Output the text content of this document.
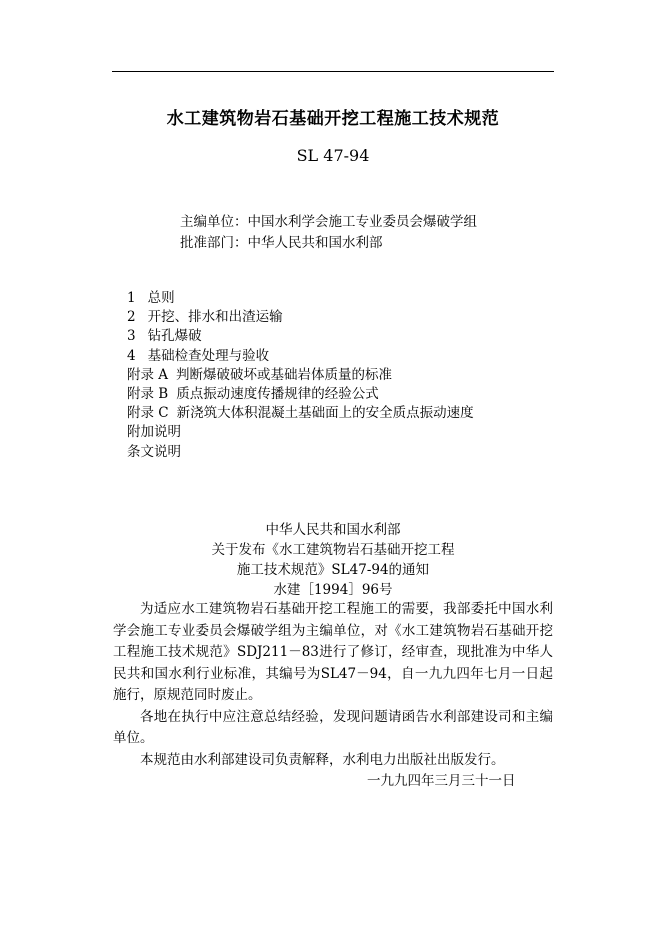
水工建筑物岩石基础开挖工程施工技术规范
SL 47-94
主编单位：中国水利学会施工专业委员会爆破学组
批准部门：中华人民共和国水利部
1 总则
2 开挖、排水和出渣运输
3 钻孔爆破
4 基础检查处理与验收
附录 A 判断爆破破坏或基础岩体质量的标准
附录 B 质点振动速度传播规律的经验公式
附录 C 新浇筑大体积混凝土基础面上的安全质点振动速度
附加说明
条文说明
中华人民共和国水利部
关于发布《水工建筑物岩石基础开挖工程
施工技术规范》SL47-94的通知
水建［1994］96号

为适应水工建筑物岩石基础开挖工程施工的需要，我部委托中国水利学会施工专业委员会爆破学组为主编单位，对《水工建筑物岩石基础开挖工程施工技术规范》SDJ211－83进行了修订，经审查，现批准为中华人民共和国水利行业标准，其编号为SL47－94，自一九九四年七月一日起施行，原规范同时废止。

各地在执行中应注意总结经验，发现问题请函告水利部建设司和主编单位。

本规范由水利部建设司负责解释，水利电力出版社出版发行。

一九九四年三月三十一日
